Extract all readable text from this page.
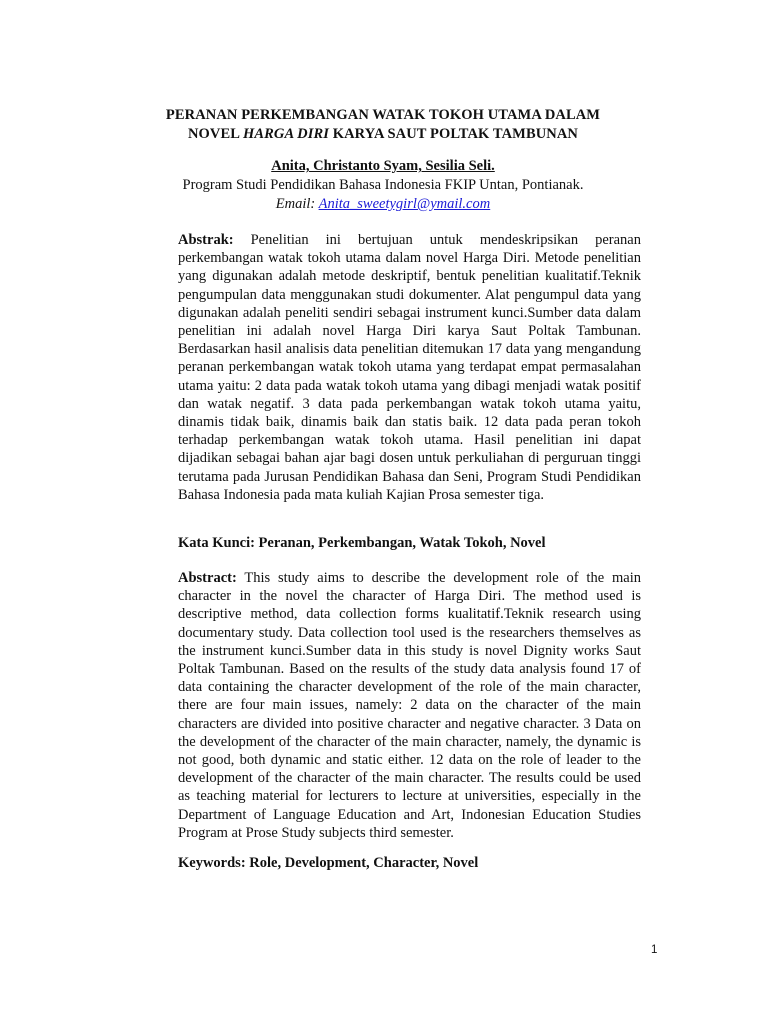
PERANAN PERKEMBANGAN WATAK TOKOH UTAMA DALAM
NOVEL HARGA DIRI KARYA SAUT POLTAK TAMBUNAN
Anita, Christanto Syam, Sesilia Seli.
Program Studi Pendidikan Bahasa Indonesia FKIP Untan, Pontianak.
Email: Anita_sweetygirl@ymail.com
Abstrak: Penelitian ini bertujuan untuk mendeskripsikan peranan perkembangan watak tokoh utama dalam novel Harga Diri. Metode penelitian yang digunakan adalah metode deskriptif, bentuk penelitian kualitatif.Teknik pengumpulan data menggunakan studi dokumenter. Alat pengumpul data yang digunakan adalah peneliti sendiri sebagai instrument kunci.Sumber data dalam penelitian ini adalah novel Harga Diri karya Saut Poltak Tambunan. Berdasarkan hasil analisis data penelitian ditemukan 17 data yang mengandung peranan perkembangan watak tokoh utama yang terdapat empat permasalahan utama yaitu: 2 data pada watak tokoh utama yang dibagi menjadi watak positif dan watak negatif. 3 data pada perkembangan watak tokoh utama yaitu, dinamis tidak baik, dinamis baik dan statis baik. 12 data pada peran tokoh terhadap perkembangan watak tokoh utama. Hasil penelitian ini dapat dijadikan sebagai bahan ajar bagi dosen untuk perkuliahan di perguruan tinggi terutama pada Jurusan Pendidikan Bahasa dan Seni, Program Studi Pendidikan Bahasa Indonesia pada mata kuliah Kajian Prosa semester tiga.
Kata Kunci: Peranan, Perkembangan, Watak Tokoh, Novel
Abstract: This study aims to describe the development role of the main character in the novel the character of Harga Diri. The method used is descriptive method, data collection forms kualitatif.Teknik research using documentary study. Data collection tool used is the researchers themselves as the instrument kunci.Sumber data in this study is novel Dignity works Saut Poltak Tambunan. Based on the results of the study data analysis found 17 of data containing the character development of the role of the main character, there are four main issues, namely: 2 data on the character of the main characters are divided into positive character and negative character. 3 Data on the development of the character of the main character, namely, the dynamic is not good, both dynamic and static either. 12 data on the role of leader to the development of the character of the main character. The results could be used as teaching material for lecturers to lecture at universities, especially in the Department of Language Education and Art, Indonesian Education Studies Program at Prose Study subjects third semester.
Keywords: Role, Development, Character, Novel
1
